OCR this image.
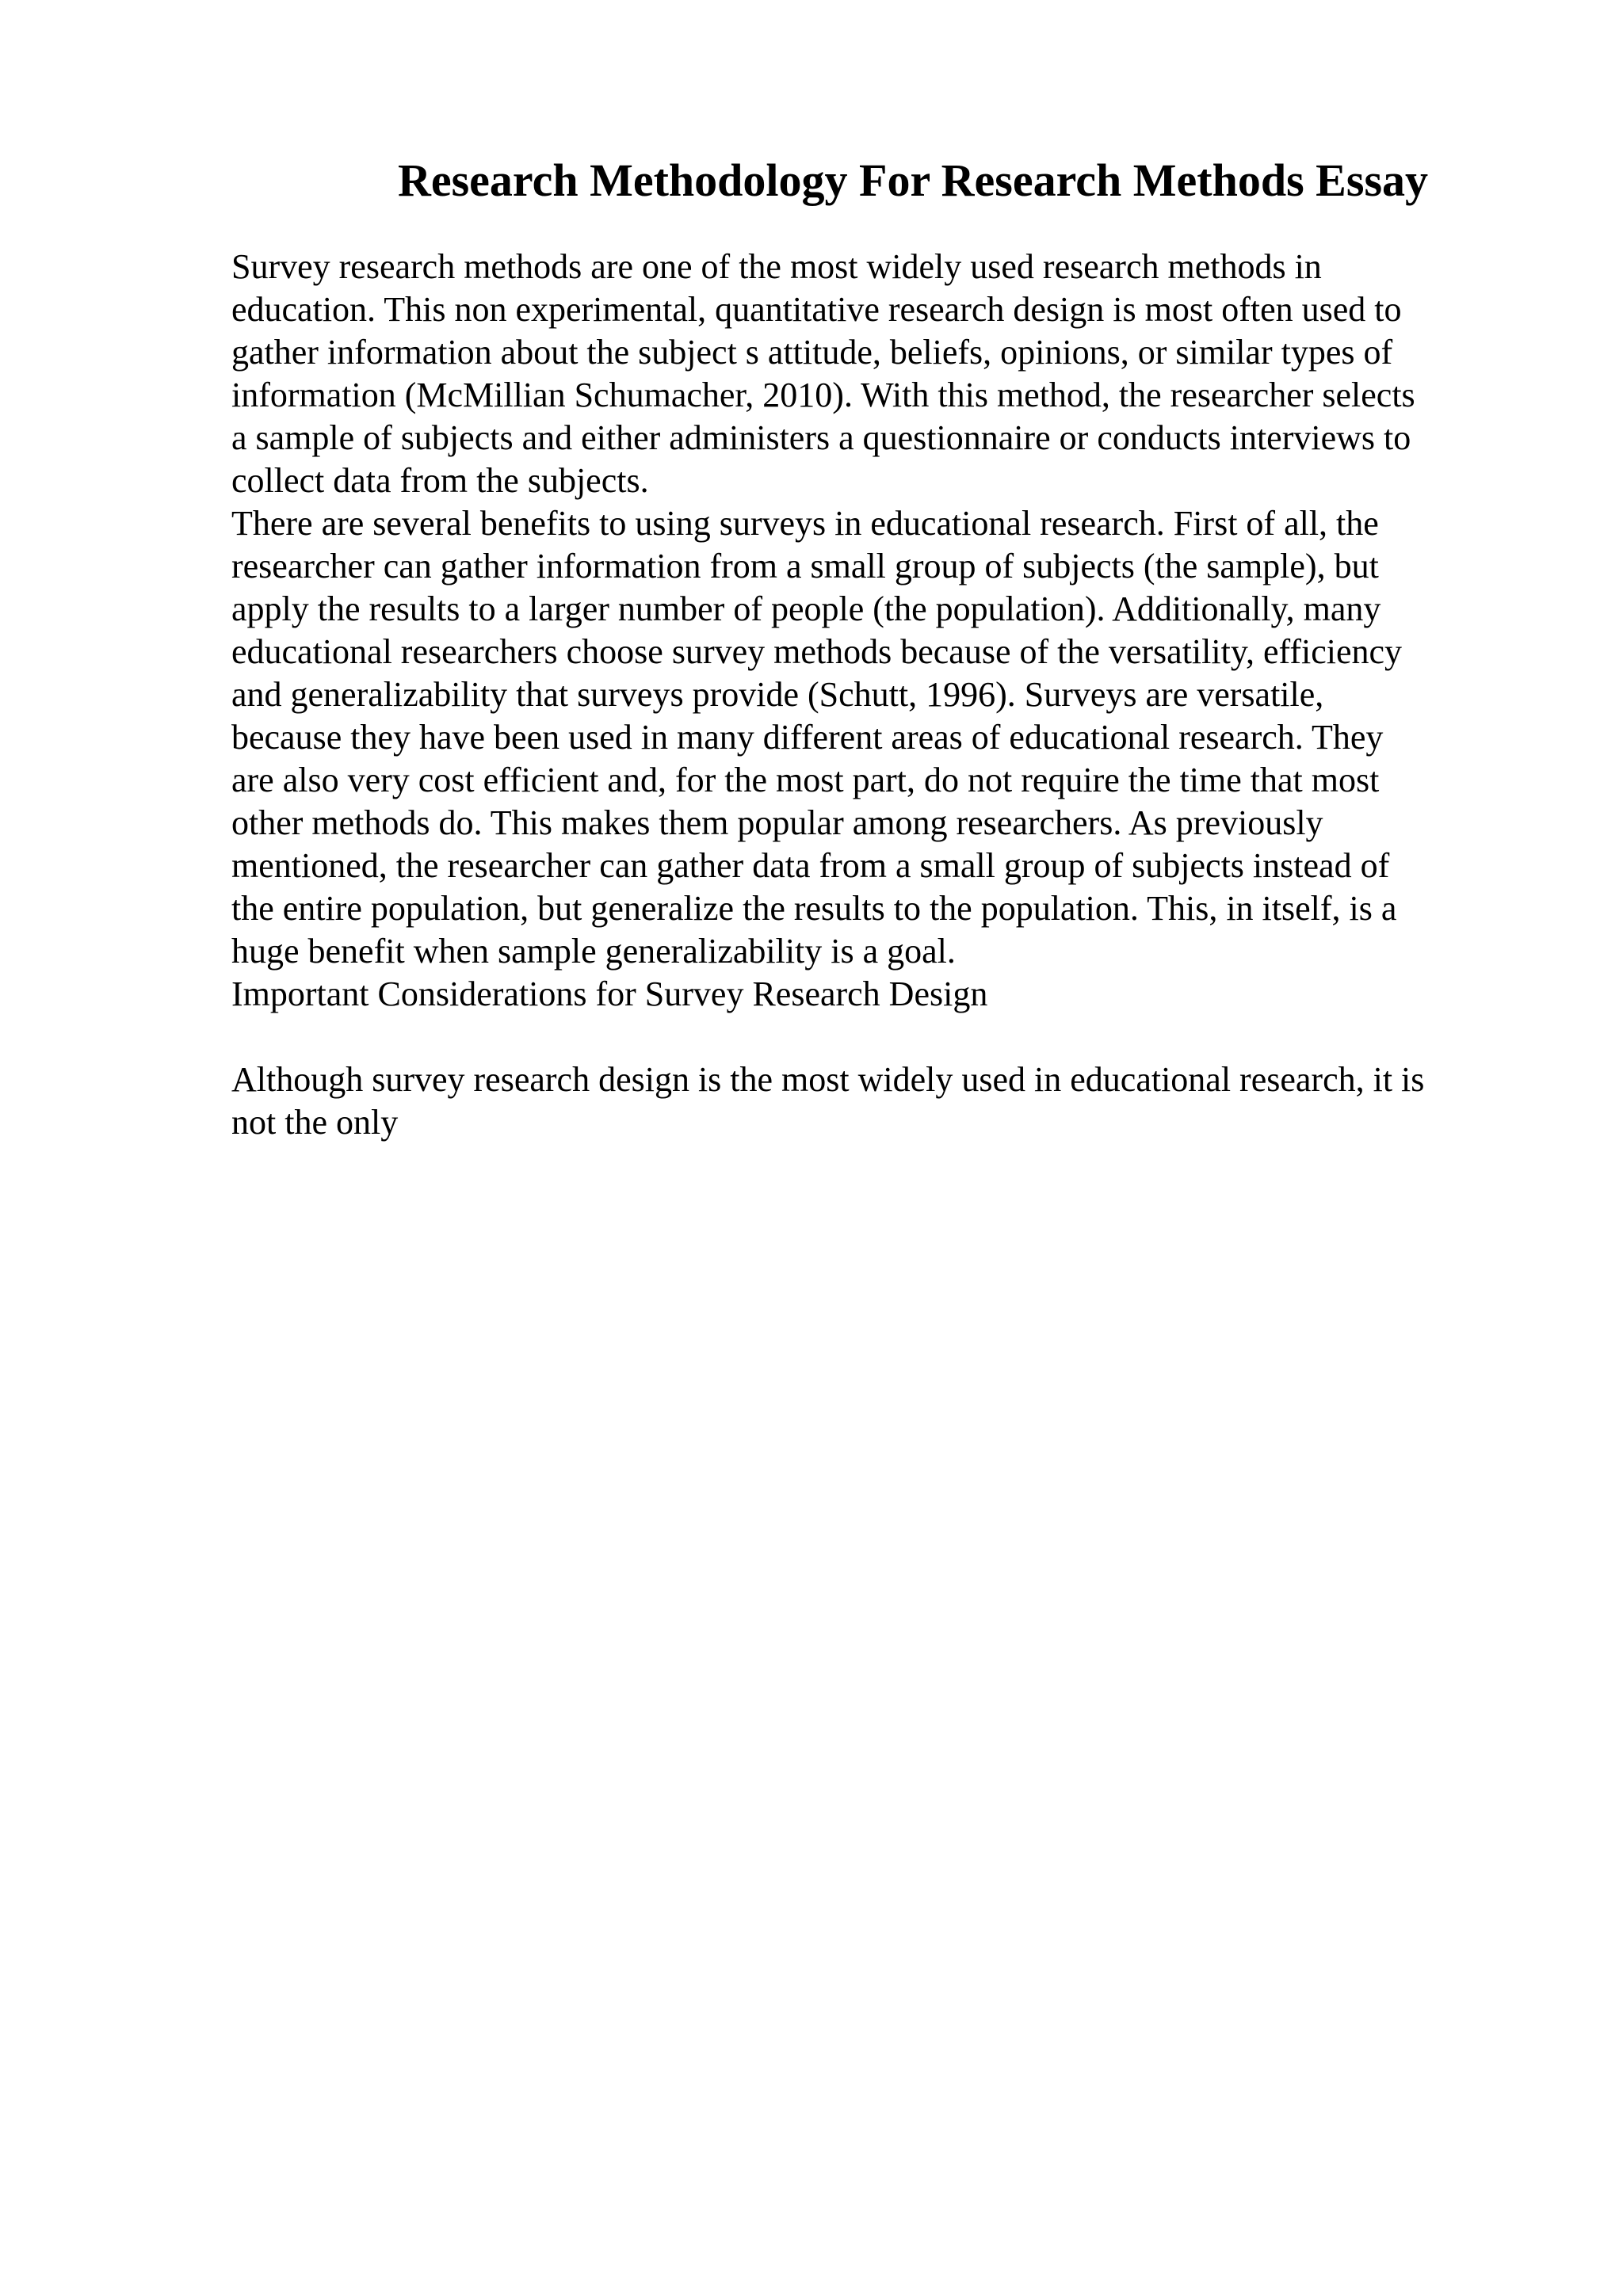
Research Methodology For Research Methods Essay
Survey research methods are one of the most widely used research methods in
education. This non experimental, quantitative research design is most often used to
gather information about the subject s attitude, beliefs, opinions, or similar types of
information (McMillian Schumacher, 2010). With this method, the researcher selects
a sample of subjects and either administers a questionnaire or conducts interviews to
collect data from the subjects.
There are several benefits to using surveys in educational research. First of all, the
researcher can gather information from a small group of subjects (the sample), but
apply the results to a larger number of people (the population). Additionally, many
educational researchers choose survey methods because of the versatility, efficiency
and generalizability that surveys provide (Schutt, 1996). Surveys are versatile,
because they have been used in many different areas of educational research. They
are also very cost efficient and, for the most part, do not require the time that most
other methods do. This makes them popular among researchers. As previously
mentioned, the researcher can gather data from a small group of subjects instead of
the entire population, but generalize the results to the population. This, in itself, is a
huge benefit when sample generalizability is a goal.
Important Considerations for Survey Research Design
Although survey research design is the most widely used in educational research, it is
not the only
